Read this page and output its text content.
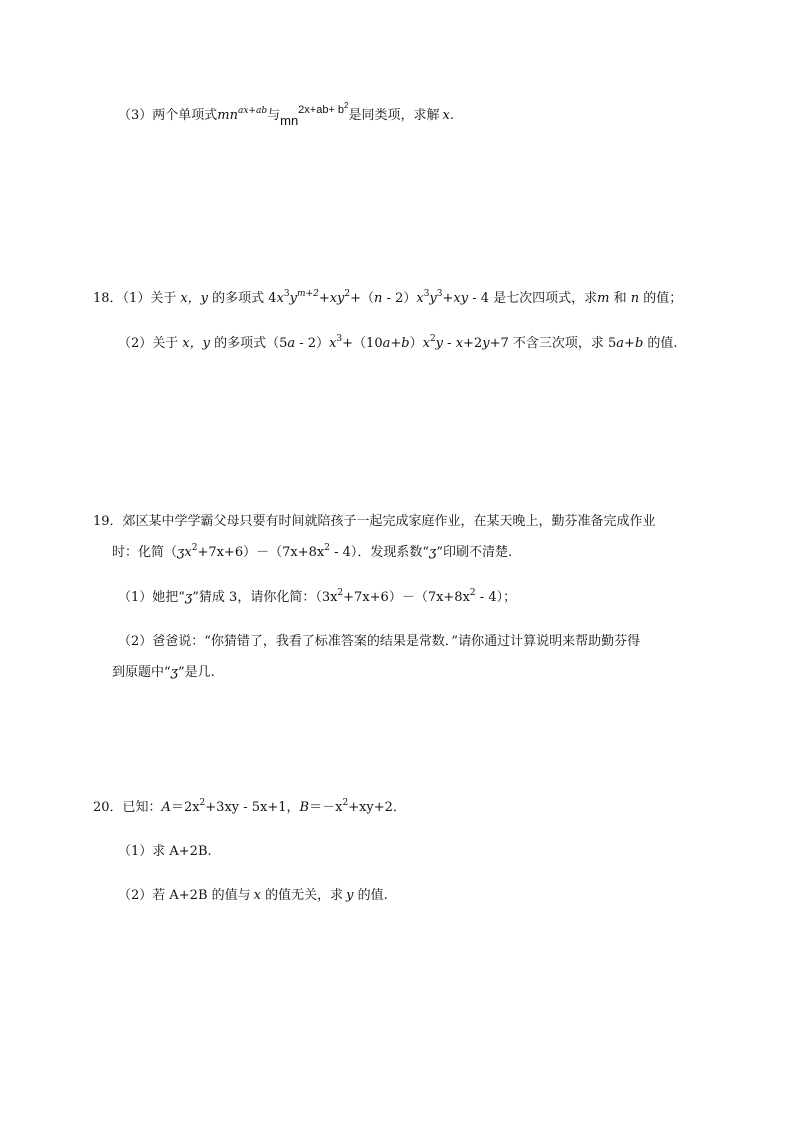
（3）两个单项式$mn^{ax+ab}$与$mn^{2x+ab+ b^2}$是同类项，求解 x.
18．（1）关于 x，y 的多项式 $4x^3y^{m+2}+xy^2+(n - 2)x^3y^3+xy - 4$ 是七次四项式，求m 和 n 的值；
（2）关于 x，y 的多项式$(5a - 2)x^3+(10a+b)x^2y - x+2y+7$ 不含三次项，求 5a+b 的值.
19．郊区某中学学霸父母只要有时间就陪孩子一起完成家庭作业，在某天晚上，勤芬准备完成作业
时：化简$(ʒx^2+7x+6)-(7x+8x^2 - 4)$．发现系数“ʒ”印刷不清楚.
（1）她把“ʒ”猜成 3，请你化简：$(3x^2+7x+6)-(7x+8x^2 - 4)$；
（2）爸爸说：“你猜错了，我看了标准答案的结果是常数．”请你通过计算说明来帮助勤芬得
到原题中“ʒ”是几.
20．已知：$A=2x^2+3xy - 5x+1$，$B=-x^2+xy+2$．
（1）求 A+2B.
（2）若 A+2B 的值与 x 的值无关，求 y 的值.
